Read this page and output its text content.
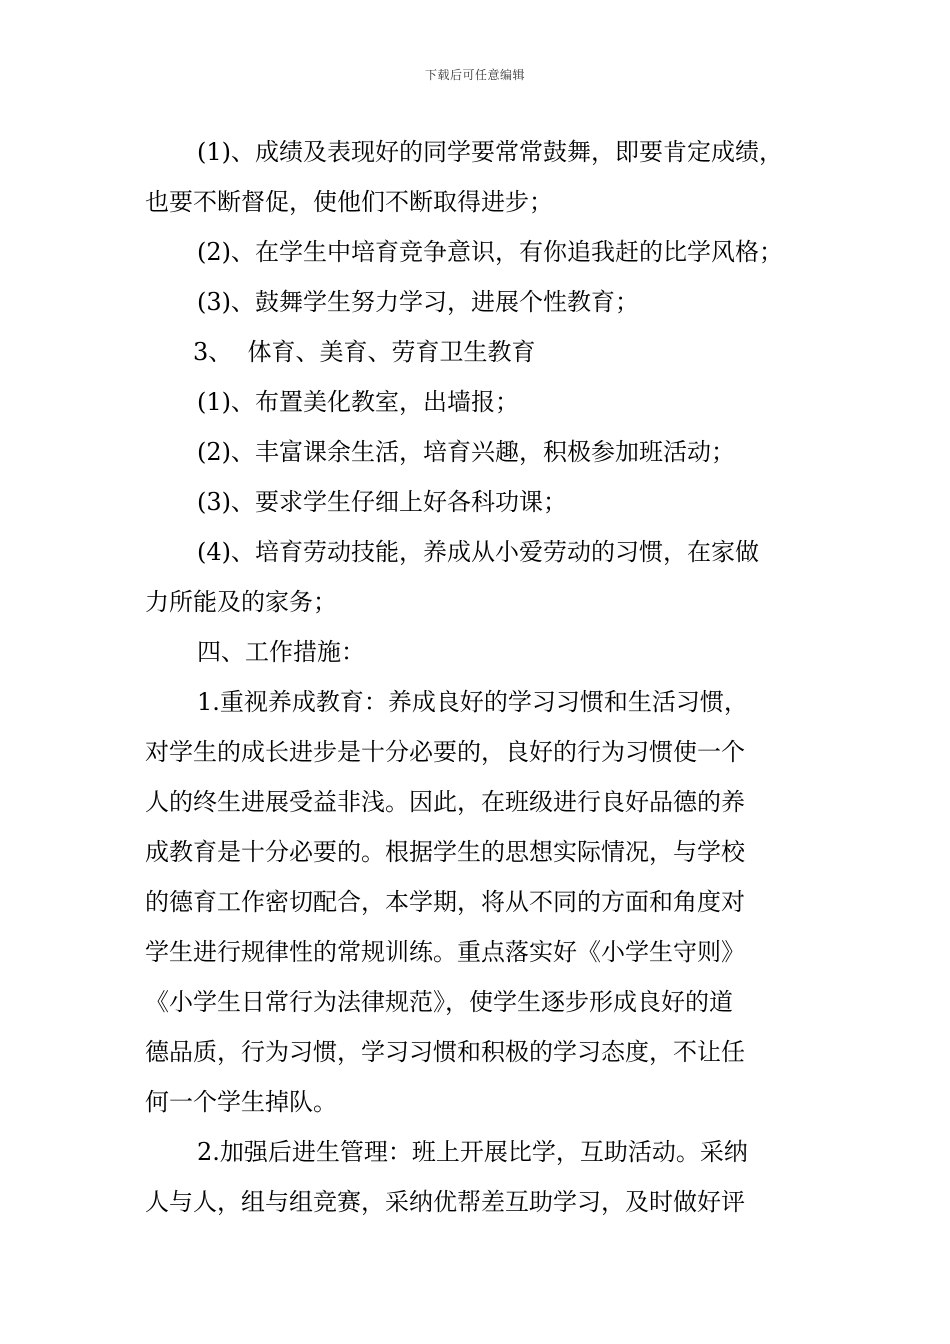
下载后可任意编辑
(1)、成绩及表现好的同学要常常鼓舞，即要肯定成绩，
也要不断督促，使他们不断取得进步；
(2)、在学生中培育竞争意识，有你追我赶的比学风格；
(3)、鼓舞学生努力学习，进展个性教育；
3、  体育、美育、劳育卫生教育
(1)、布置美化教室，出墙报；
(2)、丰富课余生活，培育兴趣，积极参加班活动；
(3)、要求学生仔细上好各科功课；
(4)、培育劳动技能，养成从小爱劳动的习惯，在家做
力所能及的家务；
四、工作措施：
1.重视养成教育：养成良好的学习习惯和生活习惯，
对学生的成长进步是十分必要的，良好的行为习惯使一个
人的终生进展受益非浅。因此，在班级进行良好品德的养
成教育是十分必要的。根据学生的思想实际情况，与学校
的德育工作密切配合，本学期，将从不同的方面和角度对
学生进行规律性的常规训练。重点落实好《小学生守则》
《小学生日常行为法律规范》，使学生逐步形成良好的道
德品质，行为习惯，学习习惯和积极的学习态度，不让任
何一个学生掉队。
2.加强后进生管理：班上开展比学，互助活动。采纳
人与人，组与组竞赛，采纳优帮差互助学习，及时做好评
